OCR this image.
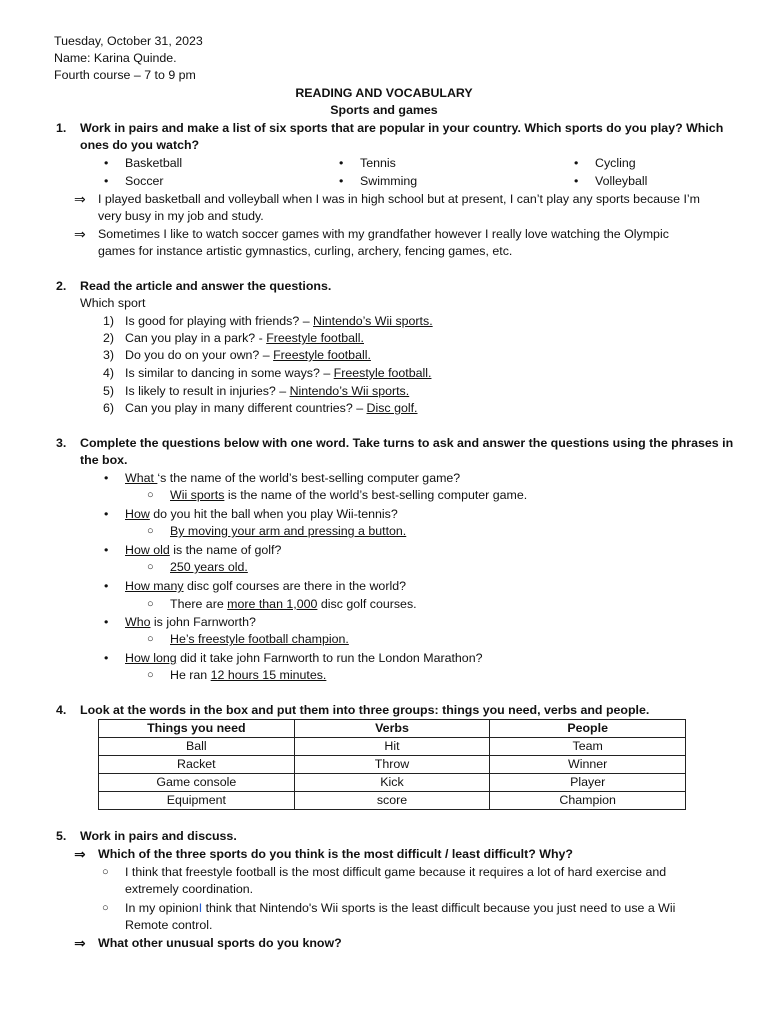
Tuesday, October 31, 2023
Name: Karina Quinde.
Fourth course – 7 to 9 pm
READING AND VOCABULARY
Sports and games
1. Work in pairs and make a list of six sports that are popular in your country. Which sports do you play? Which
ones do you watch?
•
Basketball •	Tennis •	Cycling
•
Soccer •	Swimming •	Volleyball
⇒ I played basketball and volleyball when I was in high school but at present, I can’t play any sports because I’m
very busy in my job and study.
⇒ Sometimes I like to watch soccer games with my grandfather however I really love watching the Olympic
games for instance artistic gymnastics, curling, archery, fencing games, etc.
2. Read the article and answer the questions.
Which sport
1) Is good for playing with friends? – Nintendo’s Wii sports.
2) Can you play in a park? - Freestyle football.
3) Do you do on your own? – Freestyle football.
4) Is similar to dancing in some ways? – Freestyle football.
5) Is likely to result in injuries? – Nintendo’s Wii sports.
6) Can you play in many different countries? – Disc golf.
3. Complete the questions below with one word. Take turns to ask and answer the questions using the phrases in
the box.
•
What ‘s the name of the world’s best-selling computer game?
○ Wii sports is the name of the world’s best-selling computer game.
•
How do you hit the ball when you play Wii-tennis?
○ By moving your arm and pressing a button.
•
How old is the name of golf?
○ 250 years old.
•
How many disc golf courses are there in the world?
○ There are more than 1,000 disc golf courses.
•
Who is john Farnworth?
○ He’s freestyle football champion.
•
How long did it take john Farnworth to run the London Marathon?
○ He ran 12 hours 15 minutes.
4. Look at the words in the box and put them into three groups: things you need, verbs and people.
Things you need	Verbs	People
Ball	Hit	Team
Racket	Throw	Winner
Game console	Kick	Player
Equipment	score	Champion
5. Work in pairs and discuss.
⇒ Which of the three sports do you think is the most difficult / least difficult? Why?
○ I think that freestyle football is the most difficult game because it requires a lot of hard exercise and
extremely coordination.
○ In my opinionI think that Nintendo's Wii sports is the least difficult because you just need to use a Wii
Remote control.
⇒ What other unusual sports do you know?
